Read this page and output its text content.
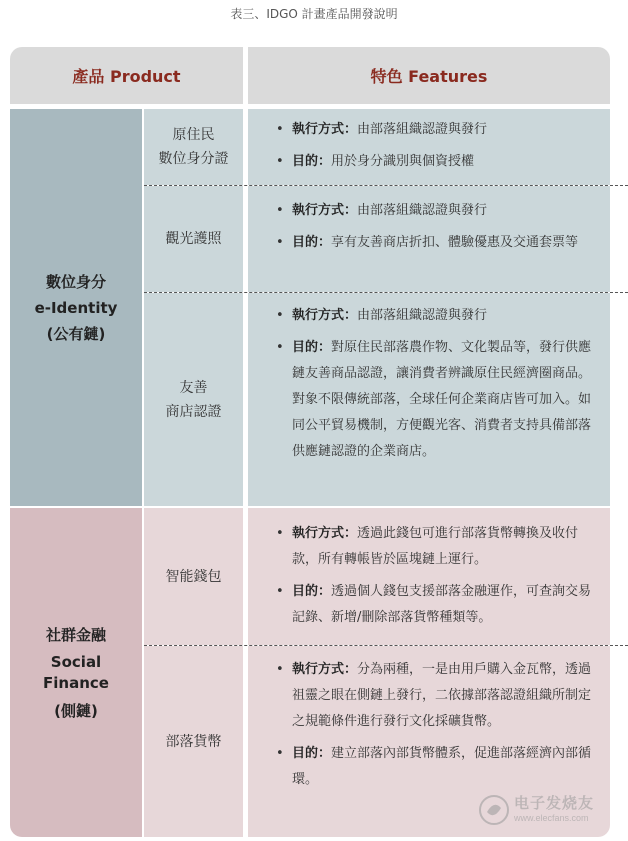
表三、IDGO 計畫產品開發說明
產品 Product	特色 Features
數位身分
e-Identity
(公有鏈)
原住民
數位身分證
觀光護照
友善
商店認證
• 執行方式：由部落組織認證與發行
• 目的：用於身分識別與個資授權
• 執行方式：由部落組織認證與發行
• 目的：享有友善商店折扣、體驗優惠及交通套票等
• 執行方式：由部落組織認證與發行
• 目的：對原住民部落農作物、文化製品等，發行供應鏈友善商品認證，讓消費者辨識原住民經濟圈商品。對象不限傳統部落，全球任何企業商店皆可加入。如同公平貿易機制，方便觀光客、消費者支持具備部落供應鏈認證的企業商店。
社群金融
Social
Finance
(側鏈)
智能錢包
部落貨幣
• 執行方式：透過此錢包可進行部落貨幣轉換及收付款，所有轉帳皆於區塊鏈上運行。
• 目的：透過個人錢包支援部落金融運作，可查詢交易記錄、新增/刪除部落貨幣種類等。
• 執行方式：分為兩種，一是由用戶購入金瓦幣，透過祖靈之眼在側鏈上發行，二依據部落認證組織所制定之規範條件進行發行文化採礦貨幣。
• 目的：建立部落內部貨幣體系，促進部落經濟內部循環。
电子发烧友
www.elecfans.com
